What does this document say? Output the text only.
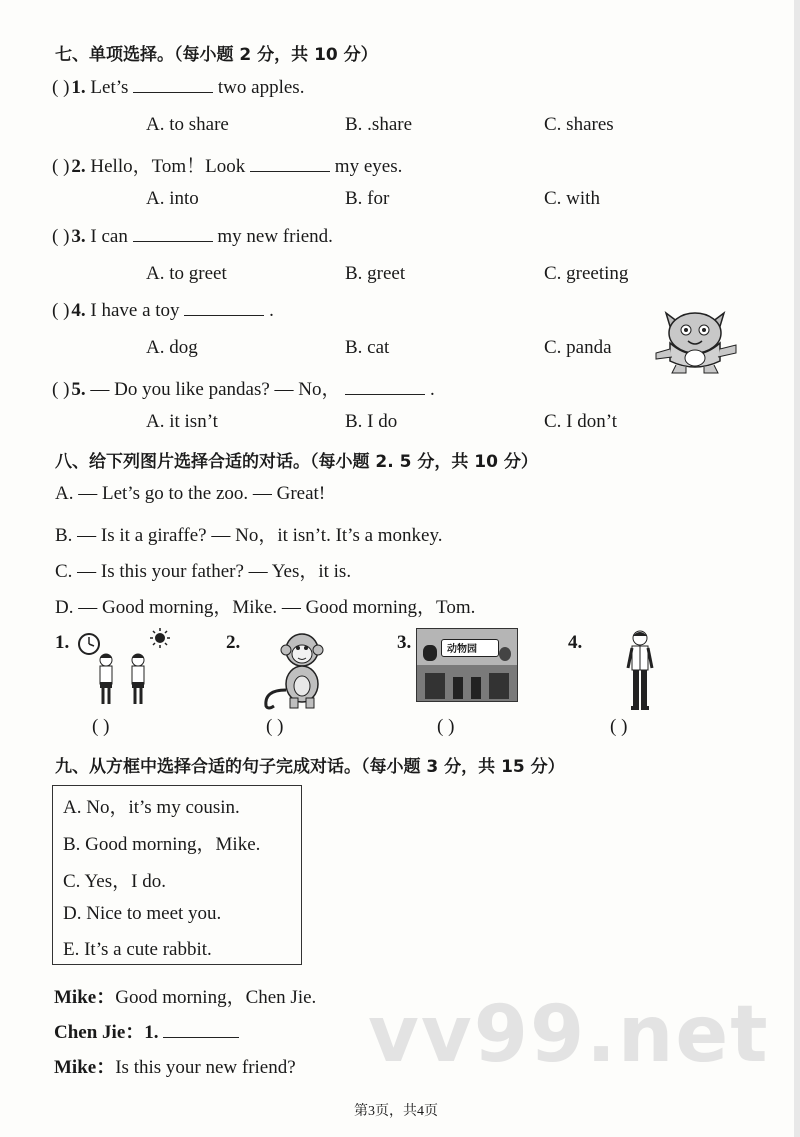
七、单项选择。（每小题 2 分，共 10 分）
( ) 1. Let’s	two apples.
A. to share	B. .share	C. shares
( ) 2. Hello，Tom！Look	my eyes.
A. into	B. for	C. with
( ) 3. I can	my new friend.
A. to greet	B. greet	C. greeting
( ) 4. I have a toy	.
A. dog	B. cat	C. panda
( ) 5. — Do you like pandas? — No，	.
A. it isn’t	B. I do	C. I don’t
八、给下列图片选择合适的对话。（每小题 2. 5 分，共 10 分）
A. — Let’s go to the zoo. — Great!
B. — Is it a giraffe? — No，it isn’t. It’s a monkey.
C. — Is this your father? — Yes，it is.
D. — Good morning，Mike. — Good morning，Tom.
1.	2.	3.	4.
动物园
( )	( )	( )	( )
九、从方框中选择合适的句子完成对话。（每小题 3 分，共 15 分）
A. No，it’s my cousin.
B. Good morning，Mike.
C. Yes，I do.
D. Nice to meet you.
E. It’s a cute rabbit.
Mike：Good morning，Chen Jie.
Chen Jie：1.
Mike：Is this your new friend? vv99.net
第3页，共4页
